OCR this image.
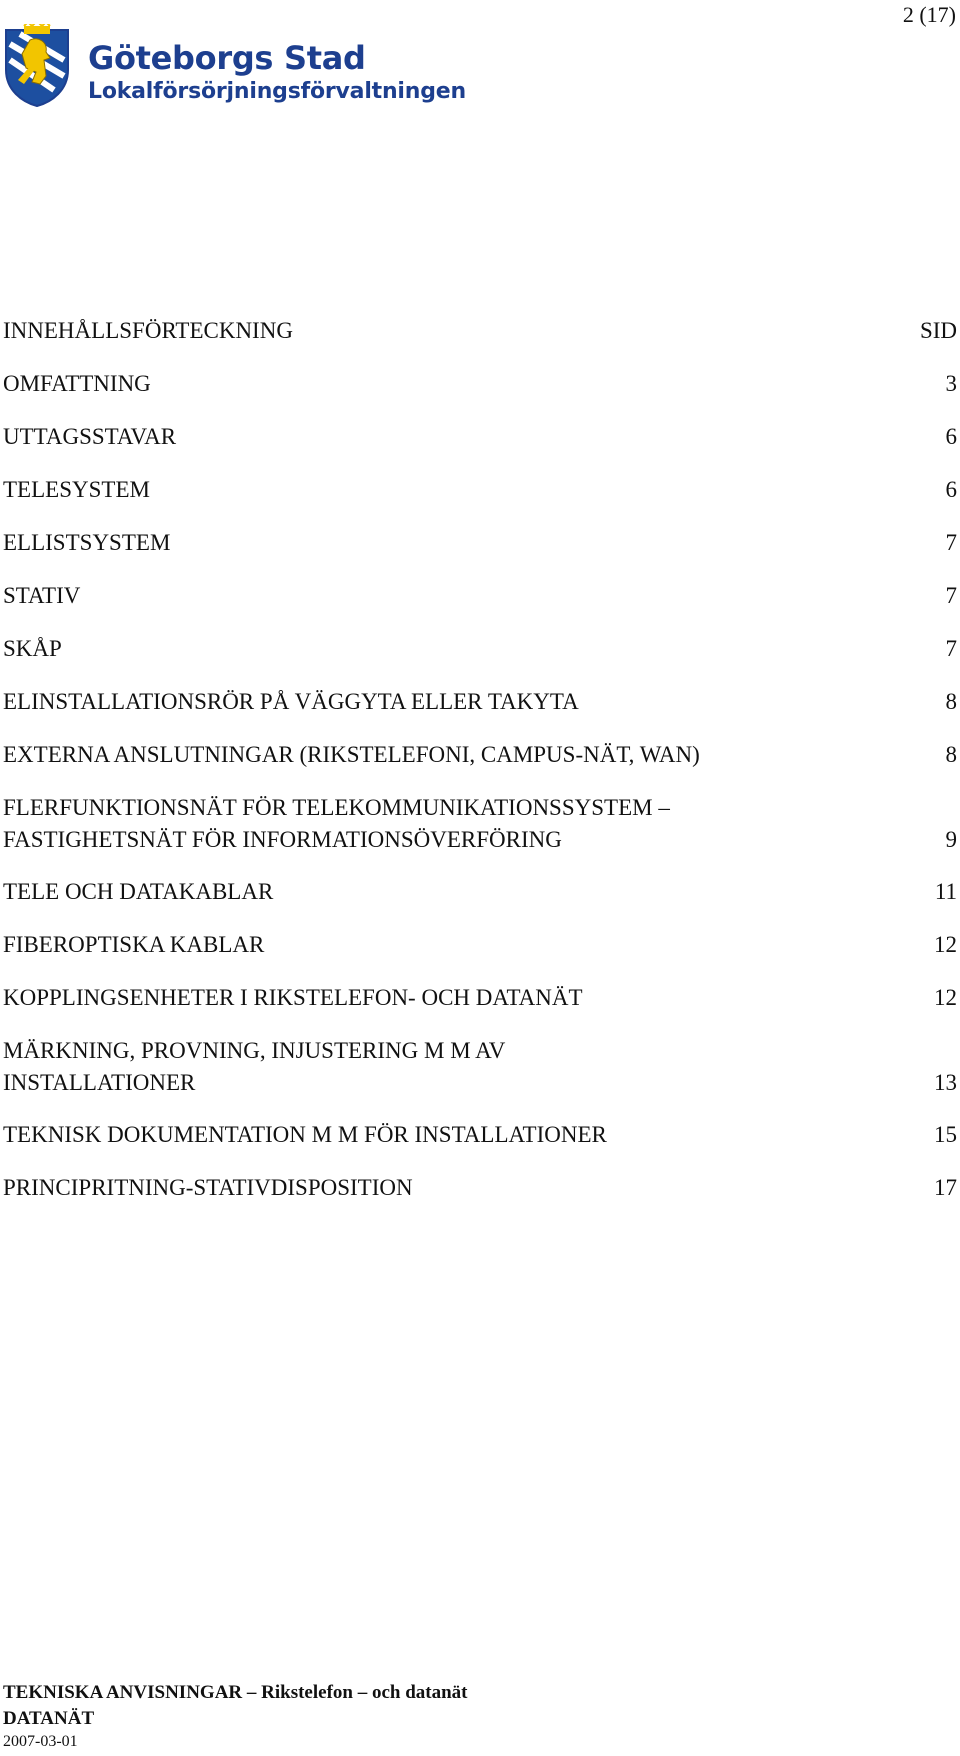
2 (17)
Göteborgs Stad
Lokalförsörjningsförvaltningen
INNEHÅLLSFÖRTECKNING	SID
OMFATTNING	3
UTTAGSSTAVAR	6
TELESYSTEM	6
ELLISTSYSTEM	7
STATIV	7
SKÅP	7
ELINSTALLATIONSRÖR PÅ VÄGGYTA ELLER TAKYTA	8
EXTERNA ANSLUTNINGAR (RIKSTELEFONI, CAMPUS-NÄT, WAN)	8
FLERFUNKTIONSNÄT FÖR TELEKOMMUNIKATIONSSYSTEM –
FASTIGHETSNÄT FÖR INFORMATIONSÖVERFÖRING	9
TELE OCH DATAKABLAR	11
FIBEROPTISKA KABLAR	12
KOPPLINGSENHETER I RIKSTELEFON- OCH DATANÄT	12
MÄRKNING, PROVNING, INJUSTERING M M AV
INSTALLATIONER	13
TEKNISK DOKUMENTATION M M FÖR INSTALLATIONER	15
PRINCIPRITNING-STATIVDISPOSITION	17
TEKNISKA ANVISNINGAR – Rikstelefon – och datanät
DATANÄT
2007-03-01
